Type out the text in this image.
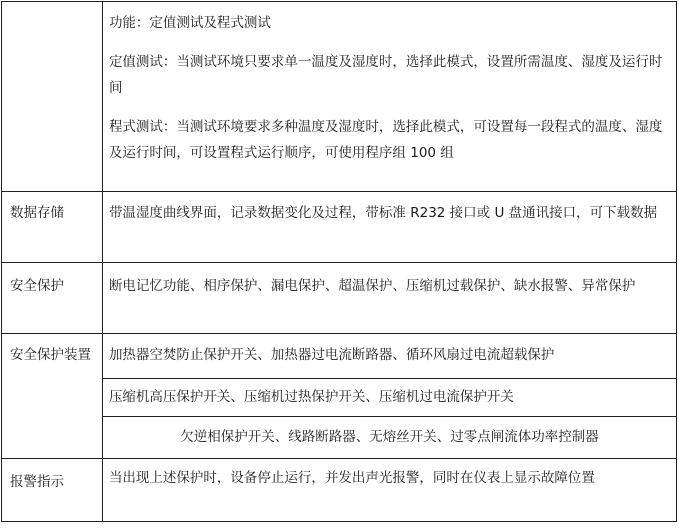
	功能：定值测试及程式测试
定值测试：当测试环境只要求单一温度及湿度时，选择此模式，设置所需温度、湿度及运行时间
程式测试：当测试环境要求多种温度及湿度时，选择此模式，可设置每一段程式的温度、湿度及运行时间，可设置程式运行顺序，可使用程序组 100 组

数据存储	带温湿度曲线界面，记录数据变化及过程，带标准 R232 接口或 U 盘通讯接口，可下载数据
安全保护	断电记忆功能、相序保护、漏电保护、超温保护、压缩机过载保护、缺水报警、异常保护
安全保护装置	加热器空焚防止保护开关、加热器过电流断路器、循环风扇过电流超载保护
	压缩机高压保护开关、压缩机过热保护开关、压缩机过电流保护开关
	欠逆相保护开关、线路断路器、无熔丝开关、过零点闸流体功率控制器
报警指示	当出现上述保护时，设备停止运行，并发出声光报警，同时在仪表上显示故障位置
